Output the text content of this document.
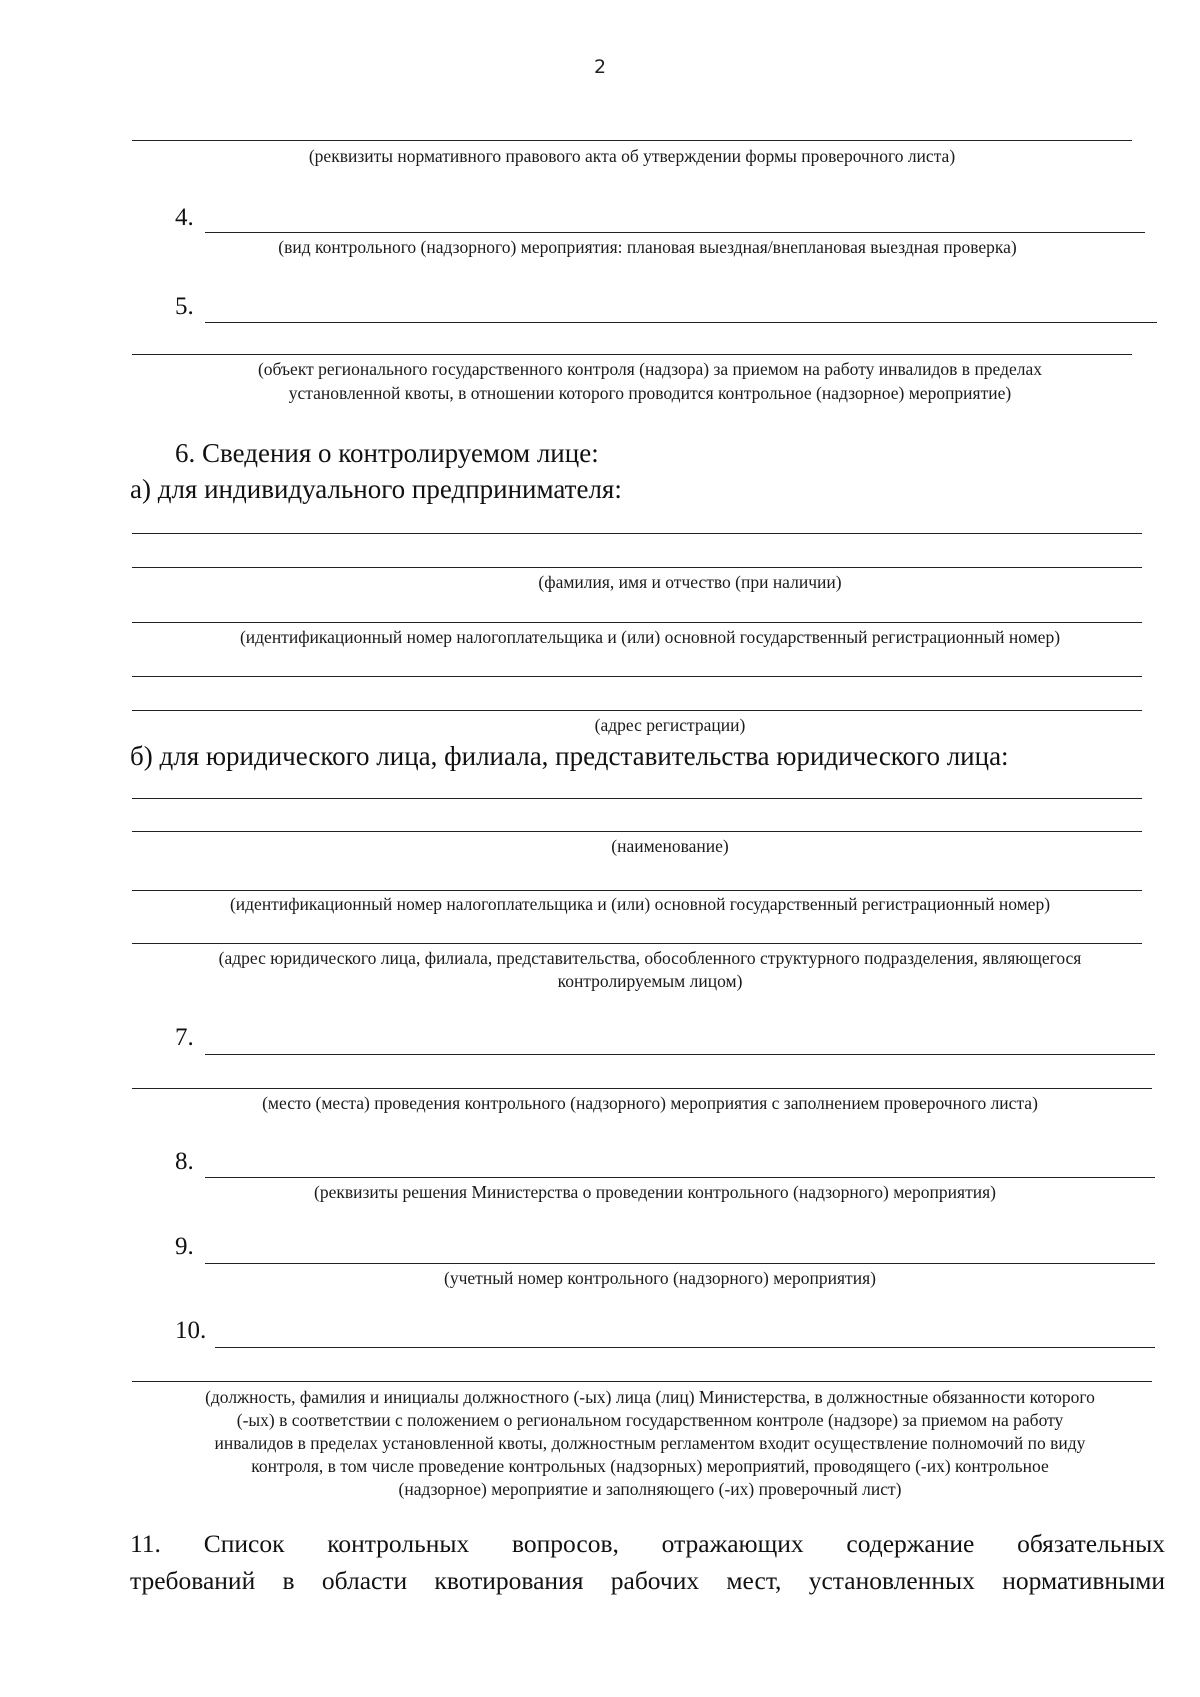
2
(реквизиты нормативного правового акта об утверждении формы проверочного листа)
4.
(вид контрольного (надзорного) мероприятия: плановая выездная/внеплановая выездная проверка)
5.
(объект регионального государственного контроля (надзора) за приемом на работу инвалидов в пределах
установленной квоты, в отношении которого проводится контрольное (надзорное) мероприятие)
6. Сведения о контролируемом лице:
а) для индивидуального предпринимателя:
(фамилия, имя и отчество (при наличии)
(идентификационный номер налогоплательщика и (или) основной государственный регистрационный номер)
(адрес регистрации)
б) для юридического лица, филиала, представительства юридического лица:
(наименование)
(идентификационный номер налогоплательщика и (или) основной государственный регистрационный номер)
(адрес юридического лица, филиала, представительства, обособленного структурного подразделения, являющегося
контролируемым лицом)
7.
(место (места) проведения контрольного (надзорного) мероприятия с заполнением проверочного листа)
8.
(реквизиты решения Министерства о проведении контрольного (надзорного) мероприятия)
9.
(учетный номер контрольного (надзорного) мероприятия)
10.
(должность, фамилия и инициалы должностного (-ых) лица (лиц) Министерства, в должностные обязанности которого
(-ых) в соответствии с положением о региональном государственном контроле (надзоре) за приемом на работу
инвалидов в пределах установленной квоты, должностным регламентом входит осуществление полномочий по виду
контроля, в том числе проведение контрольных (надзорных) мероприятий, проводящего (-их) контрольное
(надзорное) мероприятие и заполняющего (-их) проверочный лист)
11. Список контрольных вопросов, отражающих содержание обязательных
требований в области квотирования рабочих мест, установленных нормативными
